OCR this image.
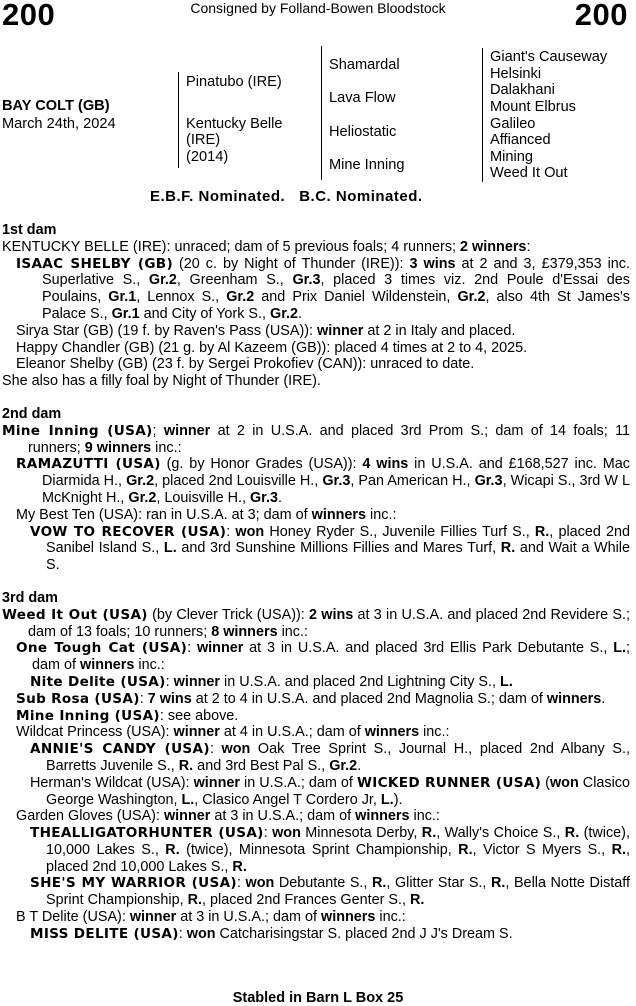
200	200
Consigned by Folland-Bowen Bloodstock
BAY COLT (GB)
March 24th, 2024
Pinatubo (IRE)
Kentucky Belle
(IRE)
(2014)
Shamardal
Lava Flow
Heliostatic
Mine Inning
Giant's Causeway
Helsinki
Dalakhani
Mount Elbrus
Galileo
Affianced
Mining
Weed It Out
E.B.F. Nominated. B.C. Nominated.

1st dam

KENTUCKY BELLE (IRE): unraced; dam of 5 previous foals; 4 runners; 2 winners:

ISAAC SHELBY (GB) (20 c. by Night of Thunder (IRE)): 3 wins at 2 and 3, £379,353 inc. Superlative S., Gr.2, Greenham S., Gr.3, placed 3 times viz. 2nd Poule d'Essai des Poulains, Gr.1, Lennox S., Gr.2 and Prix Daniel Wildenstein, Gr.2, also 4th St James's Palace S., Gr.1 and City of York S., Gr.2.

Sirya Star (GB) (19 f. by Raven's Pass (USA)): winner at 2 in Italy and placed.

Happy Chandler (GB) (21 g. by Al Kazeem (GB)): placed 4 times at 2 to 4, 2025.

Eleanor Shelby (GB) (23 f. by Sergei Prokofiev (CAN)): unraced to date.

She also has a filly foal by Night of Thunder (IRE).

2nd dam

Mine Inning (USA); winner at 2 in U.S.A. and placed 3rd Prom S.; dam of 14 foals; 11 runners; 9 winners inc.:

RAMAZUTTI (USA) (g. by Honor Grades (USA)): 4 wins in U.S.A. and £168,527 inc. Mac Diarmida H., Gr.2, placed 2nd Louisville H., Gr.3, Pan American H., Gr.3, Wicapi S., 3rd W L McKnight H., Gr.2, Louisville H., Gr.3.

My Best Ten (USA): ran in U.S.A. at 3; dam of winners inc.:

VOW TO RECOVER (USA): won Honey Ryder S., Juvenile Fillies Turf S., R., placed 2nd Sanibel Island S., L. and 3rd Sunshine Millions Fillies and Mares Turf, R. and Wait a While S.

3rd dam

Weed It Out (USA) (by Clever Trick (USA)): 2 wins at 3 in U.S.A. and placed 2nd Revidere S.; dam of 13 foals; 10 runners; 8 winners inc.:

One Tough Cat (USA): winner at 3 in U.S.A. and placed 3rd Ellis Park Debutante S., L.; dam of winners inc.:

Nite Delite (USA): winner in U.S.A. and placed 2nd Lightning City S., L.

Sub Rosa (USA): 7 wins at 2 to 4 in U.S.A. and placed 2nd Magnolia S.; dam of winners.

Mine Inning (USA): see above.

Wildcat Princess (USA): winner at 4 in U.S.A.; dam of winners inc.:

ANNIE'S CANDY (USA): won Oak Tree Sprint S., Journal H., placed 2nd Albany S., Barretts Juvenile S., R. and 3rd Best Pal S., Gr.2.

Herman's Wildcat (USA): winner in U.S.A.; dam of WICKED RUNNER (USA) (won Clasico George Washington, L., Clasico Angel T Cordero Jr, L.).

Garden Gloves (USA): winner at 3 in U.S.A.; dam of winners inc.:

THEALLIGATORHUNTER (USA): won Minnesota Derby, R., Wally's Choice S., R. (twice), 10,000 Lakes S., R. (twice), Minnesota Sprint Championship, R., Victor S Myers S., R., placed 2nd 10,000 Lakes S., R.

SHE'S MY WARRIOR (USA): won Debutante S., R., Glitter Star S., R., Bella Notte Distaff Sprint Championship, R., placed 2nd Frances Genter S., R.

B T Delite (USA): winner at 3 in U.S.A.; dam of winners inc.:

MISS DELITE (USA): won Catcharisingstar S. placed 2nd J J's Dream S.

Stabled in Barn L Box 25
